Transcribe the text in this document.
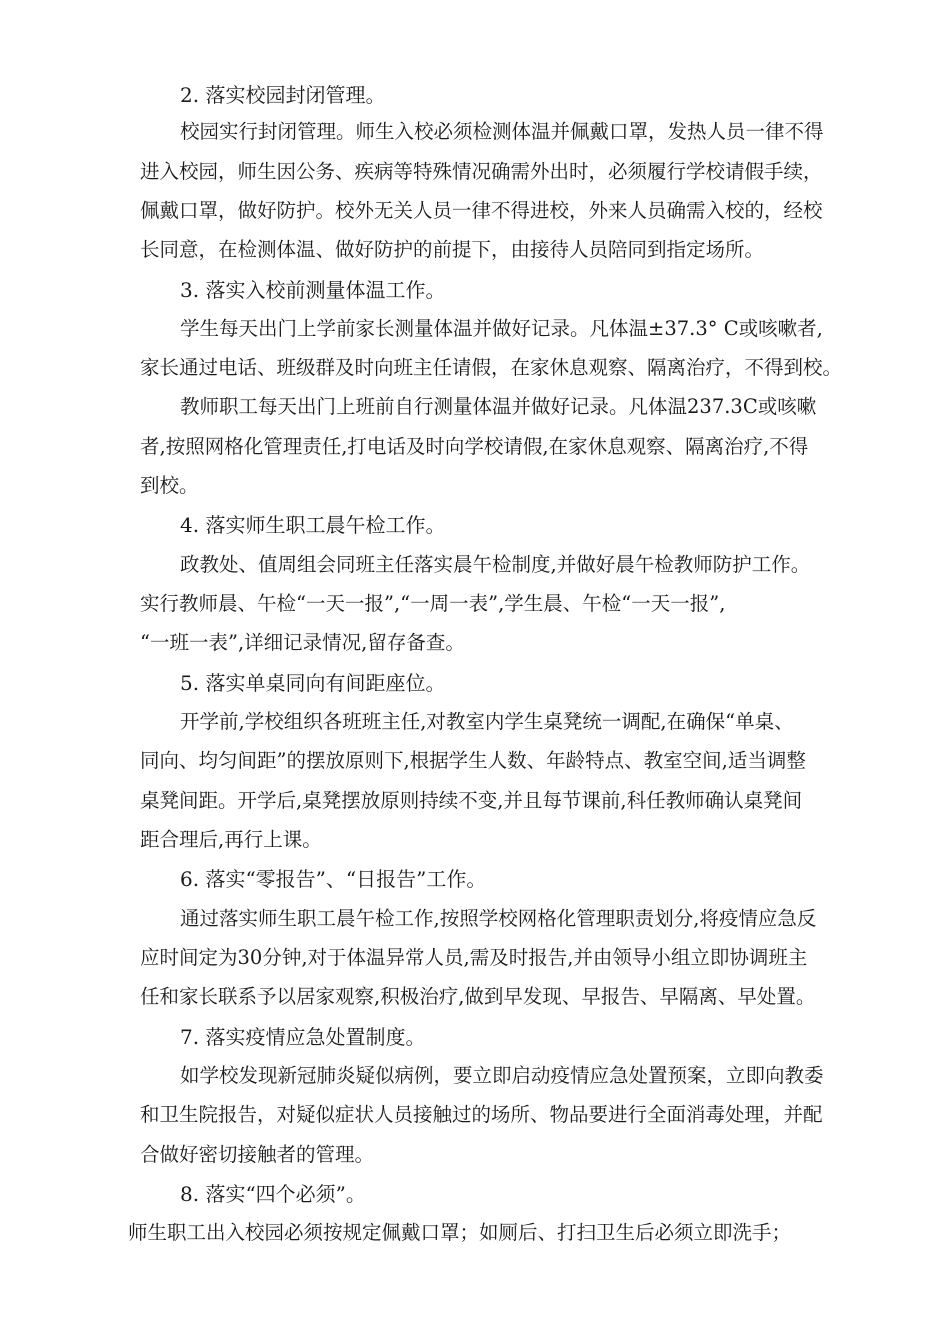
2. 落实校园封闭管理。
校园实行封闭管理。师生入校必须检测体温并佩戴口罩，发热人员一律不得
进入校园，师生因公务、疾病等特殊情况确需外出时，必须履行学校请假手续，
佩戴口罩，做好防护。校外无关人员一律不得进校，外来人员确需入校的，经校
长同意，在检测体温、做好防护的前提下，由接待人员陪同到指定场所。
3. 落实入校前测量体温工作。
学生每天出门上学前家长测量体温并做好记录。凡体温±37.3° C或咳嗽者,
家长通过电话、班级群及时向班主任请假，在家休息观察、隔离治疗，不得到校。
教师职工每天出门上班前自行测量体温并做好记录。凡体温237.3C或咳嗽
者,按照网格化管理责任,打电话及时向学校请假,在家休息观察、隔离治疗,不得
到校。
4. 落实师生职工晨午检工作。
政教处、值周组会同班主任落实晨午检制度,并做好晨午检教师防护工作。
实行教师晨、午检“一天一报”,“一周一表”,学生晨、午检“一天一报”,
“一班一表”,详细记录情况,留存备查。
5. 落实单桌同向有间距座位。
开学前,学校组织各班班主任,对教室内学生桌凳统一调配,在确保“单桌、
同向、均匀间距”的摆放原则下,根据学生人数、年龄特点、教室空间,适当调整
桌凳间距。开学后,桌凳摆放原则持续不变,并且每节课前,科任教师确认桌凳间
距合理后,再行上课。
6. 落实“零报告”、“日报告”工作。
通过落实师生职工晨午检工作,按照学校网格化管理职责划分,将疫情应急反
应时间定为30分钟,对于体温异常人员,需及时报告,并由领导小组立即协调班主
任和家长联系予以居家观察,积极治疗,做到早发现、早报告、早隔离、早处置。
7. 落实疫情应急处置制度。
如学校发现新冠肺炎疑似病例，要立即启动疫情应急处置预案，立即向教委
和卫生院报告，对疑似症状人员接触过的场所、物品要进行全面消毒处理，并配
合做好密切接触者的管理。
8. 落实“四个必须”。
师生职工出入校园必须按规定佩戴口罩；如厕后、打扫卫生后必须立即洗手；
